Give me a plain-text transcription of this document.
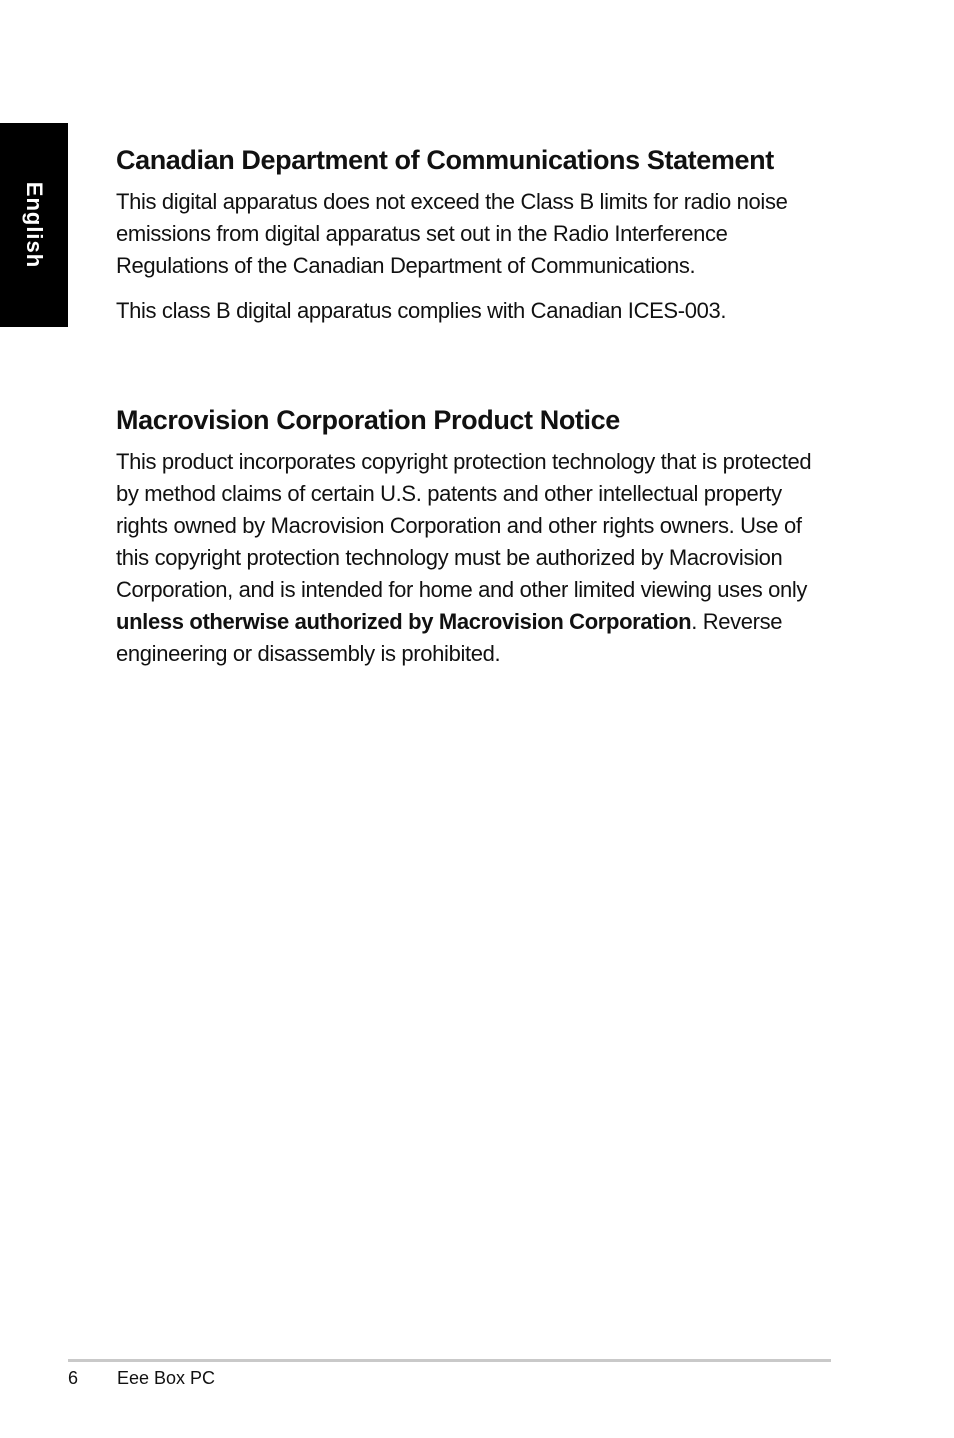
English
Canadian Department of Communications Statement

This digital apparatus does not exceed the Class B limits for radio noise emissions from digital apparatus set out in the Radio Interference Regulations of the Canadian Department of Communications.

This class B digital apparatus complies with Canadian ICES-003.

Macrovision Corporation Product Notice

This product incorporates copyright protection technology that is protected by method claims of certain U.S. patents and other intellectual property rights owned by Macrovision Corporation and other rights owners. Use of this copyright protection technology must be authorized by Macrovision Corporation, and is intended for home and other limited viewing uses only unless otherwise authorized by Macrovision Corporation. Reverse engineering or disassembly is prohibited.

6 Eee Box PC
